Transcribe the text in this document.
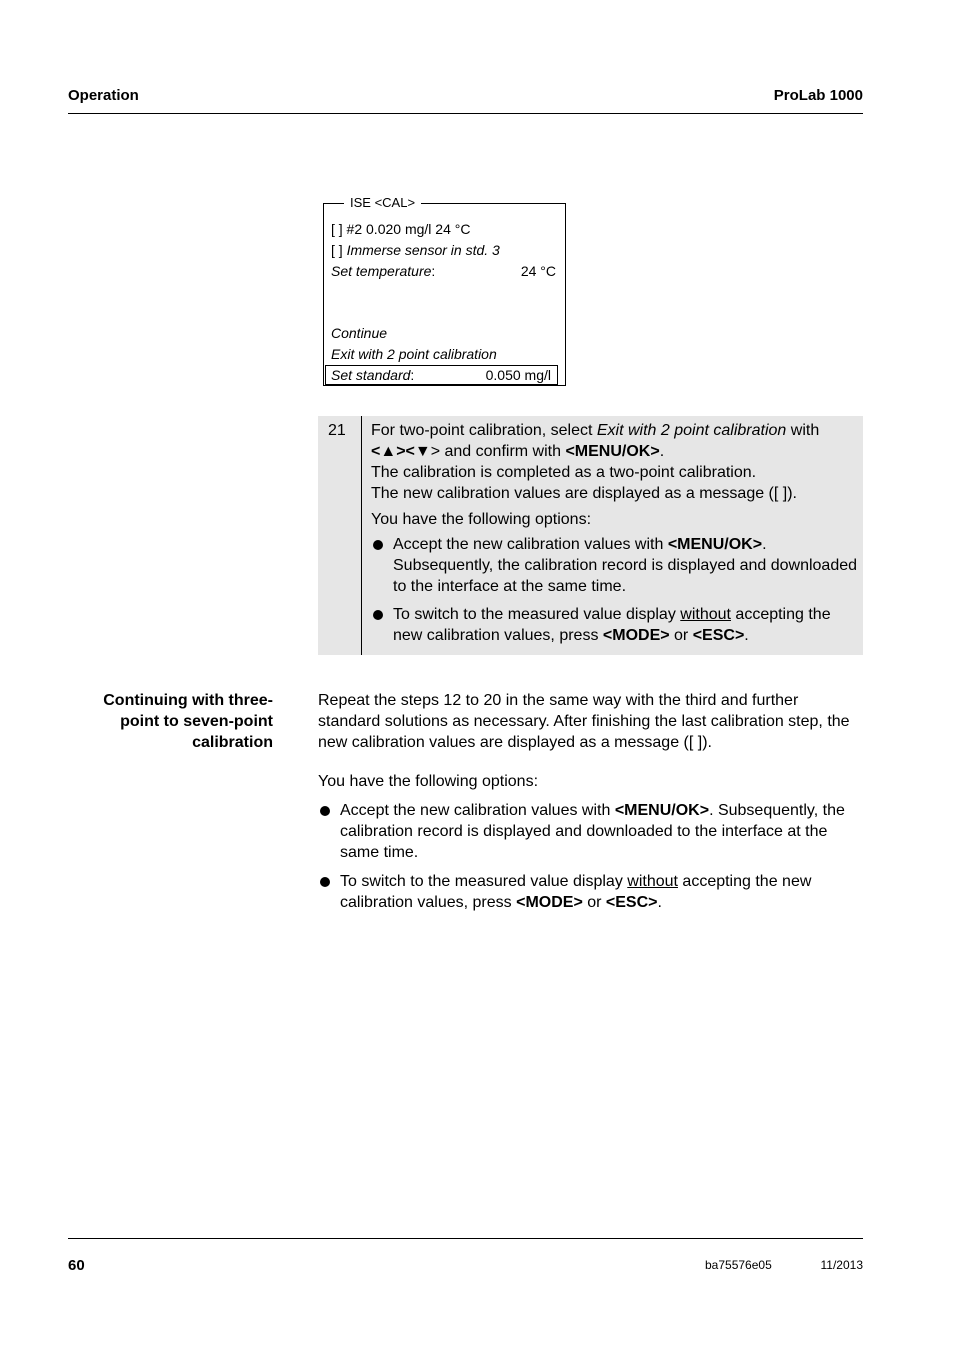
Operation	ProLab 1000
ISE <CAL>
[ ] #2 0.020 mg/l 24 °C
[ ] Immerse sensor in std. 3
Set temperature:	24 °C
Continue
Exit with 2 point calibration
Set standard:	0.050 mg/l
21 For two-point calibration, select Exit with 2 point calibration with

<▲><▼> and confirm with <MENU/OK>.

The calibration is completed as a two-point calibration.

The new calibration values are displayed as a message ([ ]).

You have the following options:

Accept the new calibration values with <MENU/OK>. Subsequently, the calibration record is displayed and downloaded to the interface at the same time.
To switch to the measured value display without accepting the new calibration values, press <MODE> or <ESC>.
Continuing with three-
point to seven-point
calibration

Repeat the steps 12 to 20 in the same way with the third and further standard solutions as necessary. After finishing the last calibration step, the new calibration values are displayed as a message ([ ]).

You have the following options:

Accept the new calibration values with <MENU/OK>. Subsequently, the calibration record is displayed and downloaded to the interface at the same time.
To switch to the measured value display without accepting the new calibration values, press <MODE> or <ESC>.
60	ba75576e05	11/2013
